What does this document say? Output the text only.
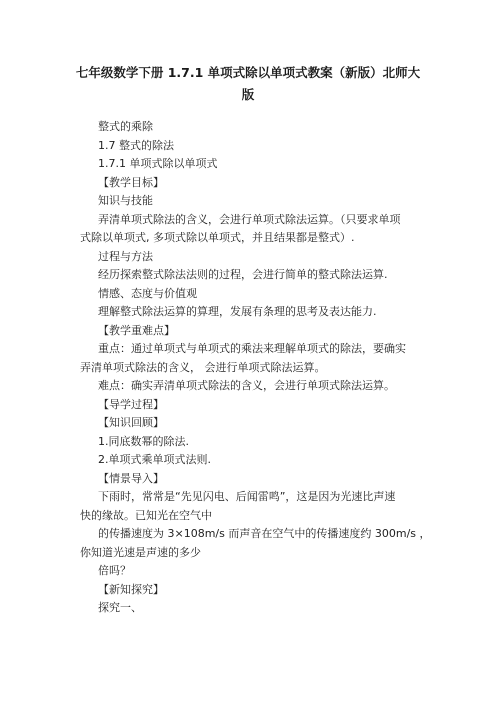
七年级数学下册 1.7.1 单项式除以单项式教案（新版）北师大
版
整式的乘除
1.7 整式的除法
1.7.1 单项式除以单项式
【教学目标】
知识与技能
弄清单项式除法的含义，会进行单项式除法运算。（只要求单项
式除以单项式, 多项式除以单项式，并且结果都是整式）.
过程与方法
经历探索整式除法法则的过程，会进行简单的整式除法运算.
情感、态度与价值观
理解整式除法运算的算理，发展有条理的思考及表达能力.
【教学重难点】
重点：通过单项式与单项式的乘法来理解单项式的除法，要确实
弄清单项式除法的含义， 会进行单项式除法运算。
难点：确实弄清单项式除法的含义，会进行单项式除法运算。
【导学过程】
【知识回顾】
1.同底数幂的除法.
2.单项式乘单项式法则.
【情景导入】
下雨时，常常是“先见闪电、后闻雷鸣”，这是因为光速比声速
快的缘故。已知光在空气中
的传播速度为 3×108m/s 而声音在空气中的传播速度约 300m/s ，
你知道光速是声速的多少
倍吗？
【新知探究】
探究一、
